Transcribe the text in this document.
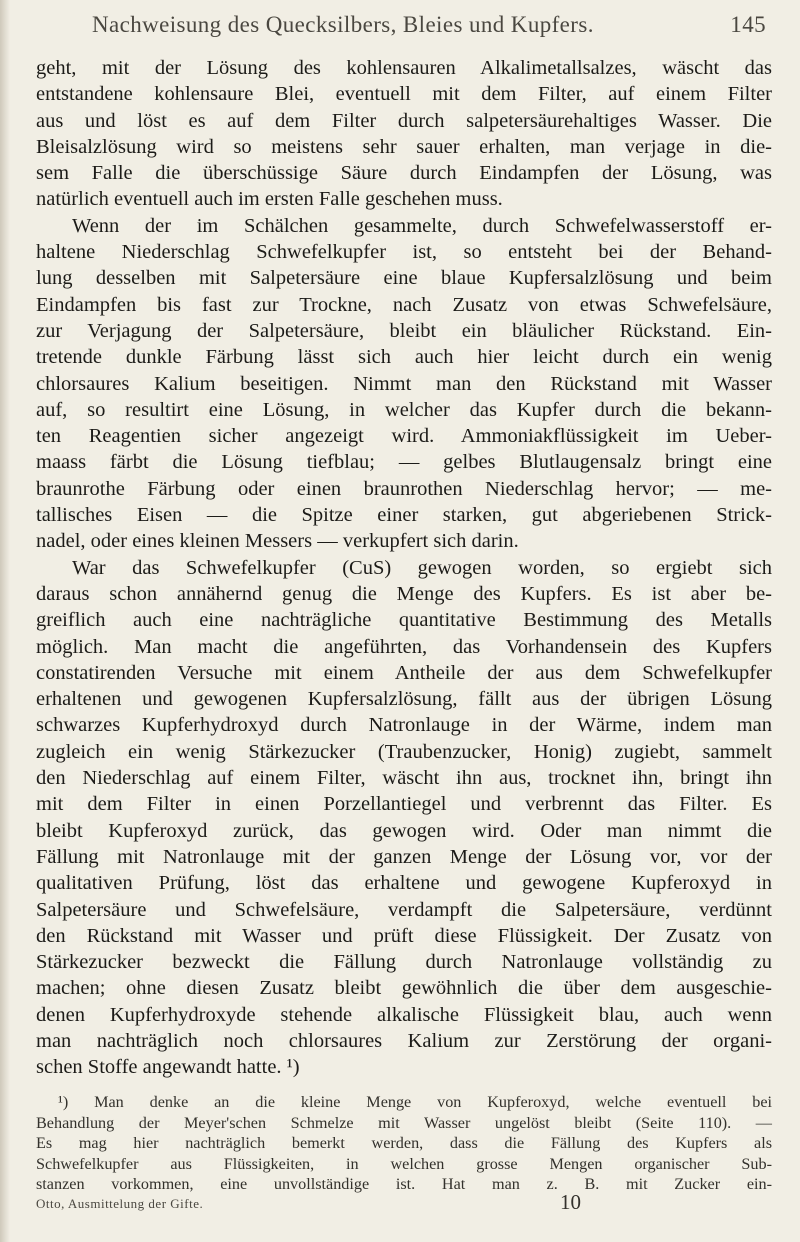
Nachweisung des Quecksilbers, Bleies und Kupfers.	145
geht, mit der Lösung des kohlensauren Alkalimetallsalzes, wäscht das
entstandene kohlensaure Blei, eventuell mit dem Filter, auf einem Filter
aus und löst es auf dem Filter durch salpetersäurehaltiges Wasser. Die
Bleisalzlösung wird so meistens sehr sauer erhalten, man verjage in die-
sem Falle die überschüssige Säure durch Eindampfen der Lösung, was
natürlich eventuell auch im ersten Falle geschehen muss.
Wenn der im Schälchen gesammelte, durch Schwefelwasserstoff er-
haltene Niederschlag Schwefelkupfer ist, so entsteht bei der Behand-
lung desselben mit Salpetersäure eine blaue Kupfersalzlösung und beim
Eindampfen bis fast zur Trockne, nach Zusatz von etwas Schwefelsäure,
zur Verjagung der Salpetersäure, bleibt ein bläulicher Rückstand. Ein-
tretende dunkle Färbung lässt sich auch hier leicht durch ein wenig
chlorsaures Kalium beseitigen. Nimmt man den Rückstand mit Wasser
auf, so resultirt eine Lösung, in welcher das Kupfer durch die bekann-
ten Reagentien sicher angezeigt wird. Ammoniakflüssigkeit im Ueber-
maass färbt die Lösung tiefblau; — gelbes Blutlaugensalz bringt eine
braunrothe Färbung oder einen braunrothen Niederschlag hervor; — me-
tallisches Eisen — die Spitze einer starken, gut abgeriebenen Strick-
nadel, oder eines kleinen Messers — verkupfert sich darin.
War das Schwefelkupfer (CuS) gewogen worden, so ergiebt sich
daraus schon annähernd genug die Menge des Kupfers. Es ist aber be-
greiflich auch eine nachträgliche quantitative Bestimmung des Metalls
möglich. Man macht die angeführten, das Vorhandensein des Kupfers
constatirenden Versuche mit einem Antheile der aus dem Schwefelkupfer
erhaltenen und gewogenen Kupfersalzlösung, fällt aus der übrigen Lösung
schwarzes Kupferhydroxyd durch Natronlauge in der Wärme, indem man
zugleich ein wenig Stärkezucker (Traubenzucker, Honig) zugiebt, sammelt
den Niederschlag auf einem Filter, wäscht ihn aus, trocknet ihn, bringt ihn
mit dem Filter in einen Porzellantiegel und verbrennt das Filter. Es
bleibt Kupferoxyd zurück, das gewogen wird. Oder man nimmt die
Fällung mit Natronlauge mit der ganzen Menge der Lösung vor, vor der
qualitativen Prüfung, löst das erhaltene und gewogene Kupferoxyd in
Salpetersäure und Schwefelsäure, verdampft die Salpetersäure, verdünnt
den Rückstand mit Wasser und prüft diese Flüssigkeit. Der Zusatz von
Stärkezucker bezweckt die Fällung durch Natronlauge vollständig zu
machen; ohne diesen Zusatz bleibt gewöhnlich die über dem ausgeschie-
denen Kupferhydroxyde stehende alkalische Flüssigkeit blau, auch wenn
man nachträglich noch chlorsaures Kalium zur Zerstörung der organi-
schen Stoffe angewandt hatte. ¹)
¹) Man denke an die kleine Menge von Kupferoxyd, welche eventuell bei
Behandlung der Meyer'schen Schmelze mit Wasser ungelöst bleibt (Seite 110). —
Es mag hier nachträglich bemerkt werden, dass die Fällung des Kupfers als
Schwefelkupfer aus Flüssigkeiten, in welchen grosse Mengen organischer Sub-
stanzen vorkommen, eine unvollständige ist. Hat man z. B. mit Zucker ein-
Otto, Ausmittelung der Gifte.	10
